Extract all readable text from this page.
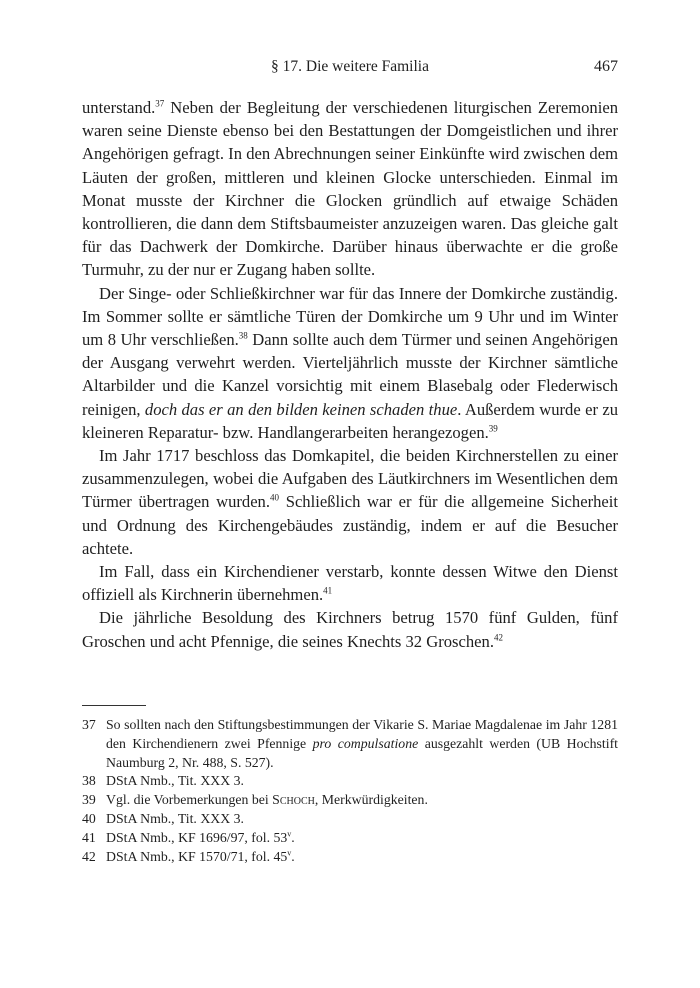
§ 17. Die weitere Familia	467

unterstand.$^{37}$ Neben der Begleitung der verschiedenen liturgischen Zeremonien waren seine Dienste ebenso bei den Bestattungen der Domgeistlichen und ihrer Angehörigen gefragt. In den Abrechnungen seiner Einkünfte wird zwischen dem Läuten der großen, mittleren und kleinen Glocke unterschieden. Einmal im Monat musste der Kirchner die Glocken gründlich auf etwaige Schäden kontrollieren, die dann dem Stiftsbaumeister anzuzeigen waren. Das gleiche galt für das Dachwerk der Domkirche. Darüber hinaus überwachte er die große Turmuhr, zu der nur er Zugang haben sollte.

Der Singe- oder Schließkirchner war für das Innere der Domkirche zuständig. Im Sommer sollte er sämtliche Türen der Domkirche um 9 Uhr und im Winter um 8 Uhr verschließen.$^{38}$ Dann sollte auch dem Türmer und seinen Angehörigen der Ausgang verwehrt werden. Vierteljährlich musste der Kirchner sämtliche Altarbilder und die Kanzel vorsichtig mit einem Blasebalg oder Flederwisch reinigen, doch das er an den bilden keinen schaden thue. Außerdem wurde er zu kleineren Reparatur- bzw. Handlangerarbeiten herangezogen.$^{39}$

Im Jahr 1717 beschloss das Domkapitel, die beiden Kirchnerstellen zu einer zusammenzulegen, wobei die Aufgaben des Läutkirchners im Wesentlichen dem Türmer übertragen wurden.$^{40}$ Schließlich war er für die allgemeine Sicherheit und Ordnung des Kirchengebäudes zuständig, indem er auf die Besucher achtete.

Im Fall, dass ein Kirchendiener verstarb, konnte dessen Witwe den Dienst offiziell als Kirchnerin übernehmen.$^{41}$

Die jährliche Besoldung des Kirchners betrug 1570 fünf Gulden, fünf Groschen und acht Pfennige, die seines Knechts 32 Groschen.$^{42}$

37 So sollten nach den Stiftungsbestimmungen der Vikarie S. Mariae Magdalenae im Jahr 1281 den Kirchendienern zwei Pfennige pro compulsatione ausgezahlt werden (UB Hochstift Naumburg 2, Nr. 488, S. 527).
38 DStA Nmb., Tit. XXX 3.
39 Vgl. die Vorbemerkungen bei Schoch, Merkwürdigkeiten.
40 DStA Nmb., Tit. XXX 3.
41 DStA Nmb., KF 1696/97, fol. 53$^v$.
42 DStA Nmb., KF 1570/71, fol. 45$^v$.
